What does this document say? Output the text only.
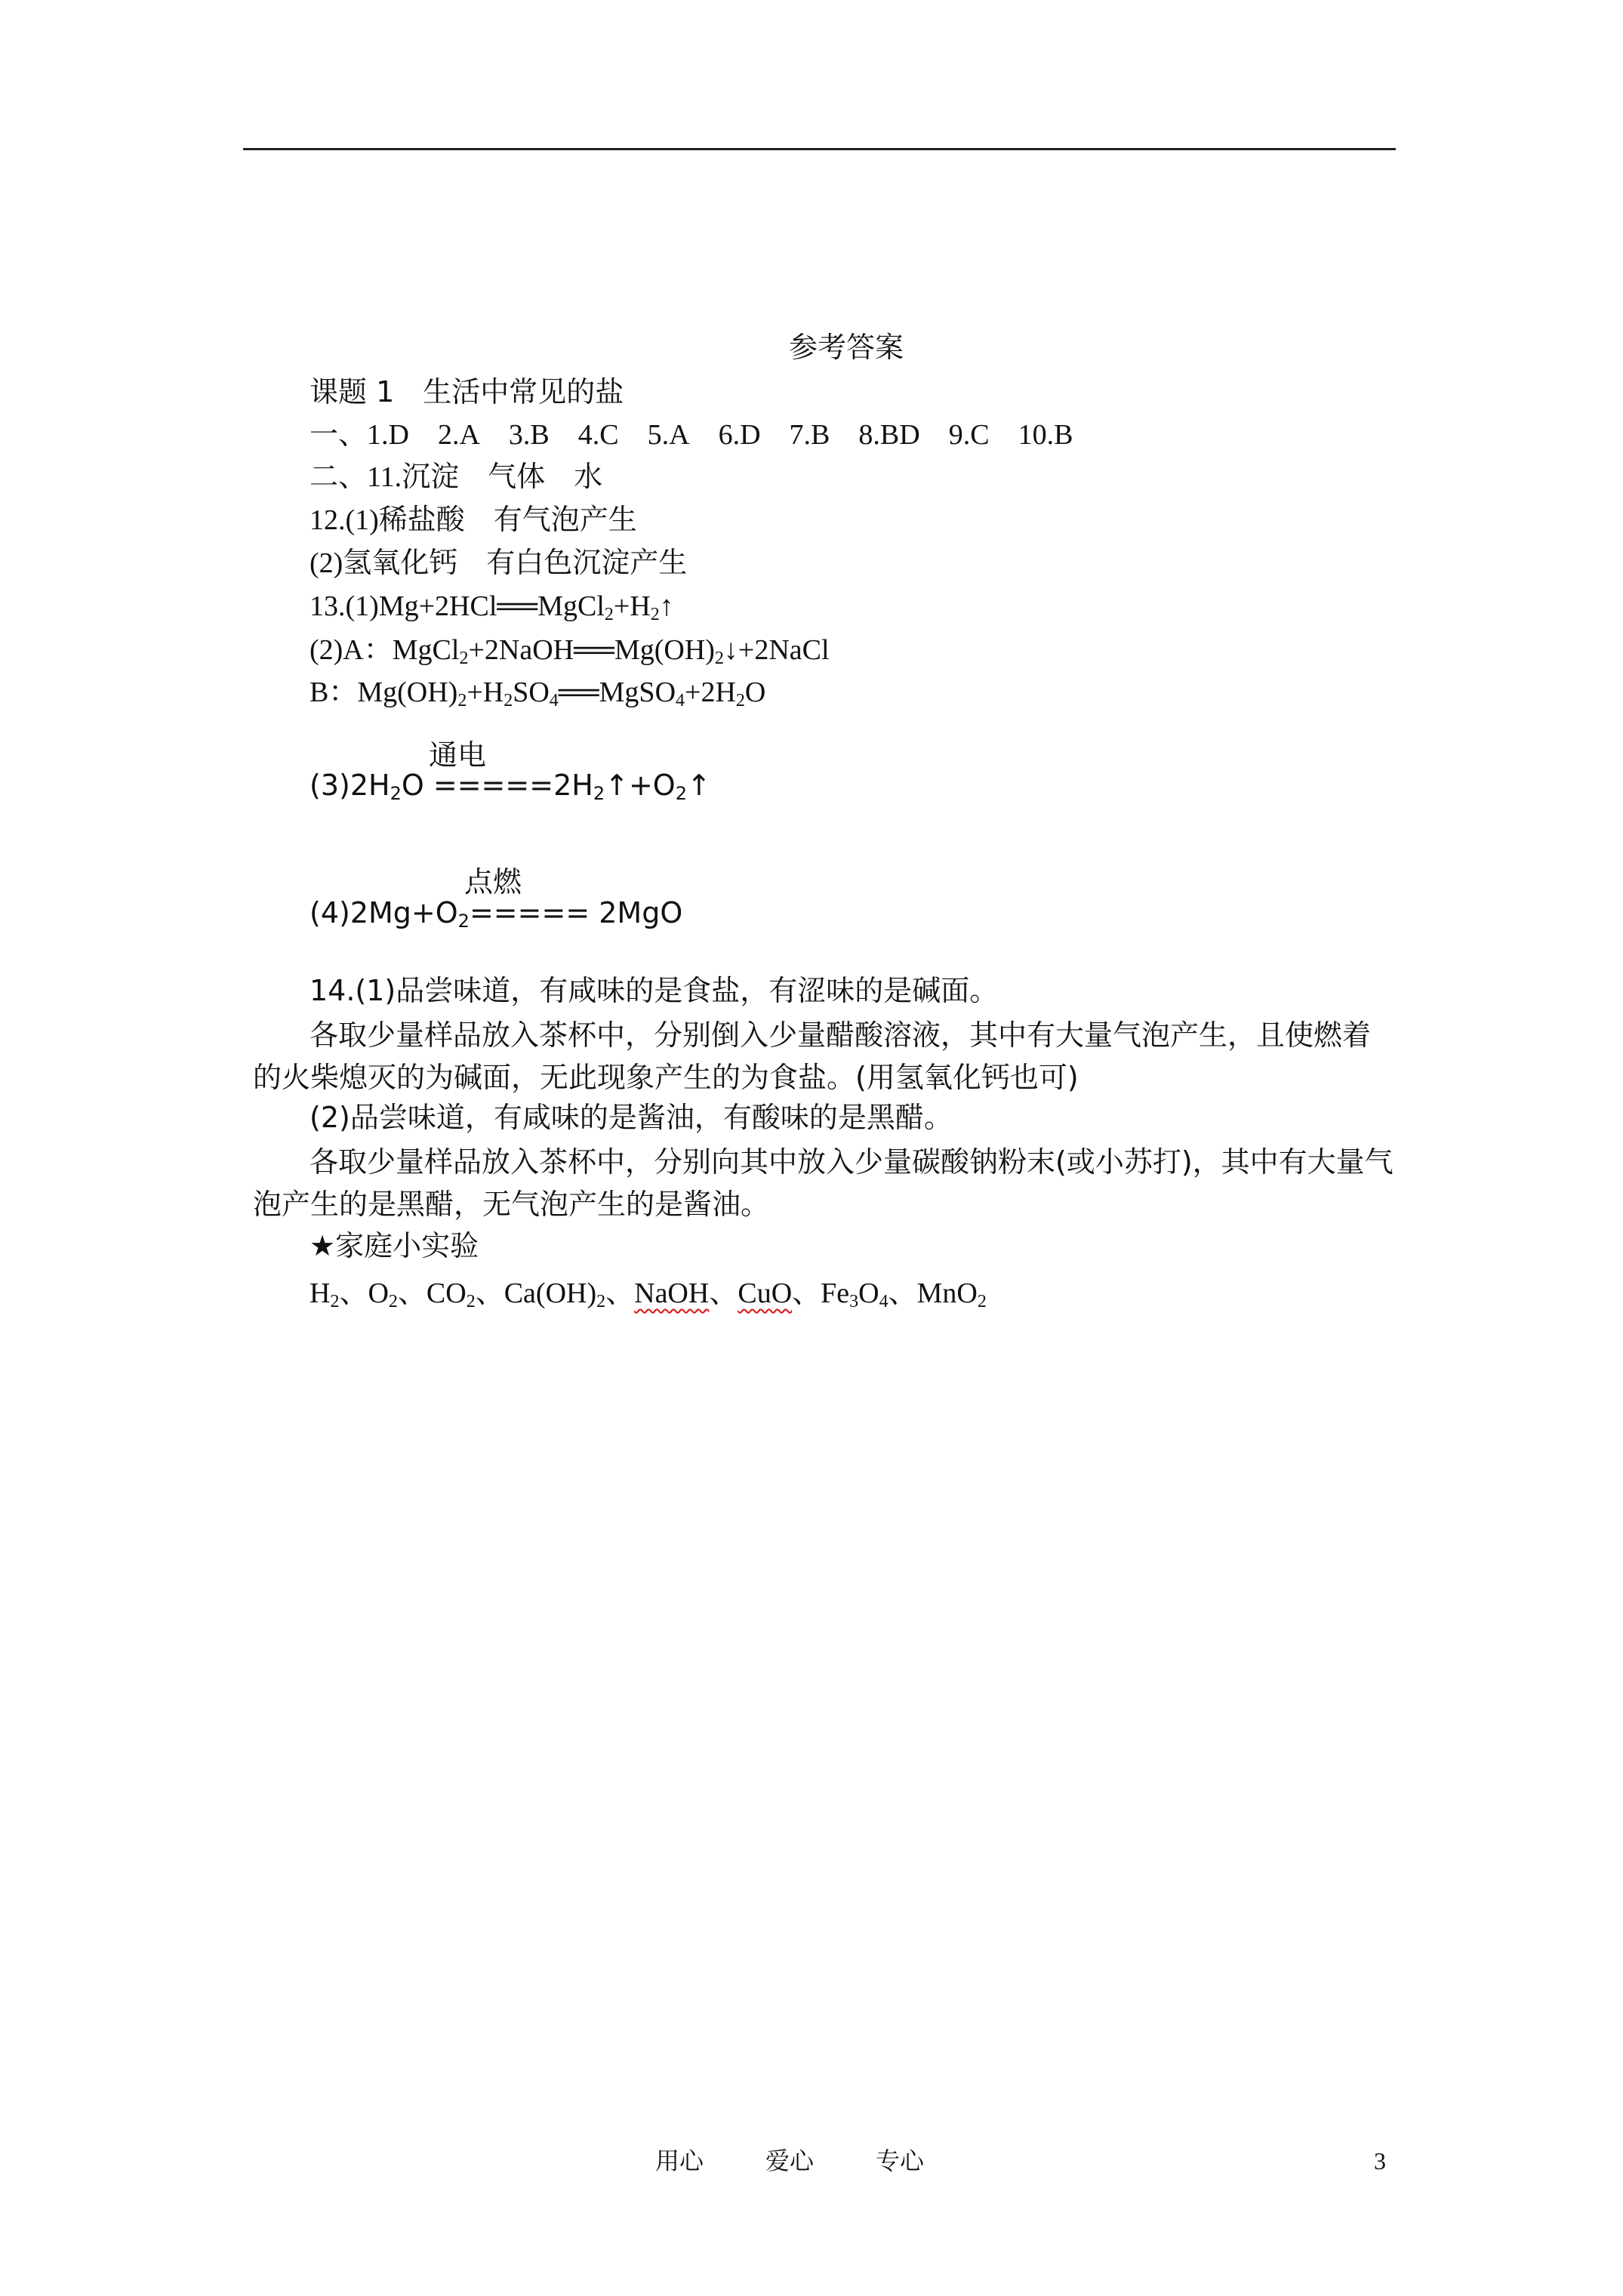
参考答案
课题 1　生活中常见的盐
一、1.D 2.A 3.B 4.C 5.A 6.D 7.B 8.BD 9.C 10.B
二、11.沉淀　气体　水
12.(1)稀盐酸　有气泡产生
(2)氢氧化钙　有白色沉淀产生
$13.(1)Mg+2HCl══MgCl_2+H_2↑$
(2)A：$MgCl_2+2NaOH══Mg(OH)_2↓+2NaCl$
B：$Mg(OH)_2+H_2SO_4══MgSO_4+2H_2O$
通电
$(3)2H_2O$ $=====2H_2↑+O_2↑$
点燃
$(4)2Mg+O_2===== 2MgO$
14.(1)品尝味道，有咸味的是食盐，有涩味的是碱面。
各取少量样品放入茶杯中，分别倒入少量醋酸溶液，其中有大量气泡产生，且使燃着的火柴熄灭的为碱面，无此现象产生的为食盐。(用氢氧化钙也可)
(2)品尝味道，有咸味的是酱油，有酸味的是黑醋。
各取少量样品放入茶杯中，分别向其中放入少量碳酸钠粉末(或小苏打)，其中有大量气泡产生的是黑醋，无气泡产生的是酱油。
★家庭小实验
$H_2$、$O_2$、$CO_2$、$Ca(OH)_2$、NaOH、CuO、$Fe_3O_4$、MnO$_2$
用心	爱心	专心	3
